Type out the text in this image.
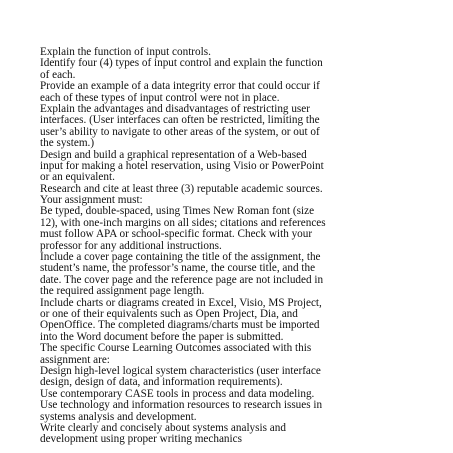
Explain the function of input controls.
Identify four (4) types of input control and explain the function
of each.
Provide an example of a data integrity error that could occur if
each of these types of input control were not in place.
Explain the advantages and disadvantages of restricting user
interfaces. (User interfaces can often be restricted, limiting the
user’s ability to navigate to other areas of the system, or out of
the system.)
Design and build a graphical representation of a Web-based
input for making a hotel reservation, using Visio or PowerPoint
or an equivalent.
Research and cite at least three (3) reputable academic sources.
Your assignment must:
Be typed, double-spaced, using Times New Roman font (size
12), with one-inch margins on all sides; citations and references
must follow APA or school-specific format. Check with your
professor for any additional instructions.
Include a cover page containing the title of the assignment, the
student’s name, the professor’s name, the course title, and the
date. The cover page and the reference page are not included in
the required assignment page length.
Include charts or diagrams created in Excel, Visio, MS Project,
or one of their equivalents such as Open Project, Dia, and
OpenOffice. The completed diagrams/charts must be imported
into the Word document before the paper is submitted.
The specific Course Learning Outcomes associated with this
assignment are:
Design high-level logical system characteristics (user interface
design, design of data, and information requirements).
Use contemporary CASE tools in process and data modeling.
Use technology and information resources to research issues in
systems analysis and development.
Write clearly and concisely about systems analysis and
development using proper writing mechanics
